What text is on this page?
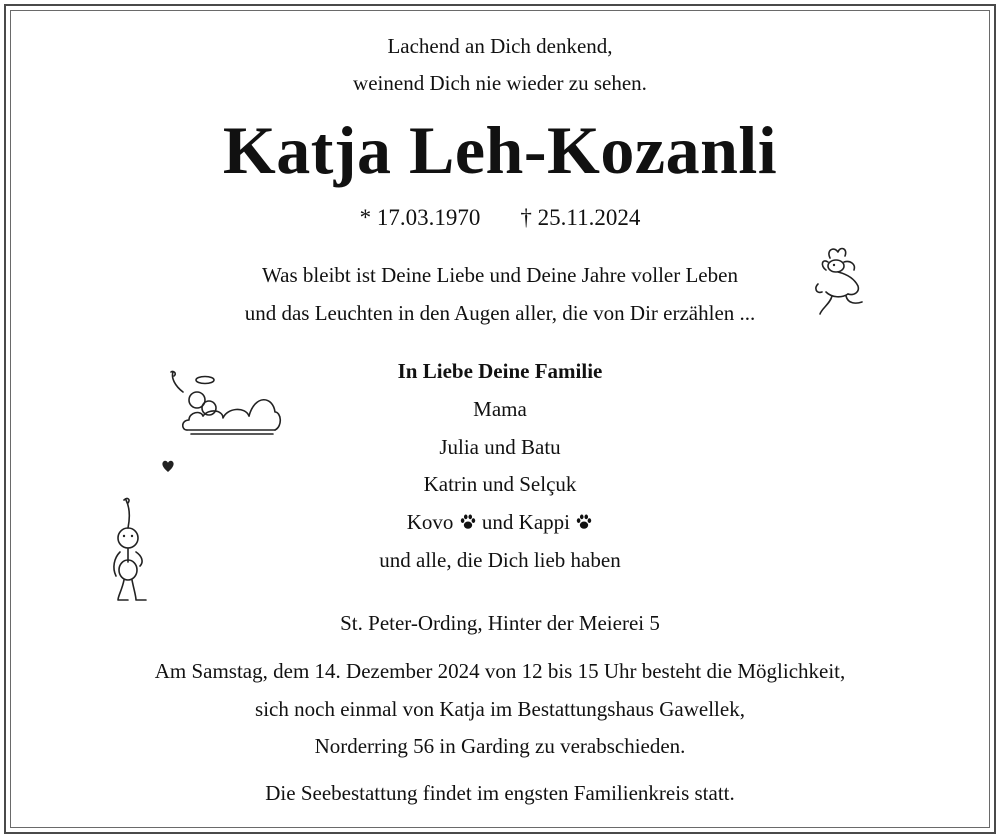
Lachend an Dich denkend,
weinend Dich nie wieder zu sehen.
Katja Leh-Kozanli
* 17.03.1970 † 25.11.2024
Was bleibt ist Deine Liebe und Deine Jahre voller Leben
und das Leuchten in den Augen aller, die von Dir erzählen ...
In Liebe Deine Familie
Mama
Julia und Batu
Katrin und Selçuk
Kovo und Kappi
und alle, die Dich lieb haben
St. Peter-Ording, Hinter der Meierei 5
Am Samstag, dem 14. Dezember 2024 von 12 bis 15 Uhr besteht die Möglichkeit,
sich noch einmal von Katja im Bestattungshaus Gawellek,
Norderring 56 in Garding zu verabschieden.
Die Seebestattung findet im engsten Familienkreis statt.
